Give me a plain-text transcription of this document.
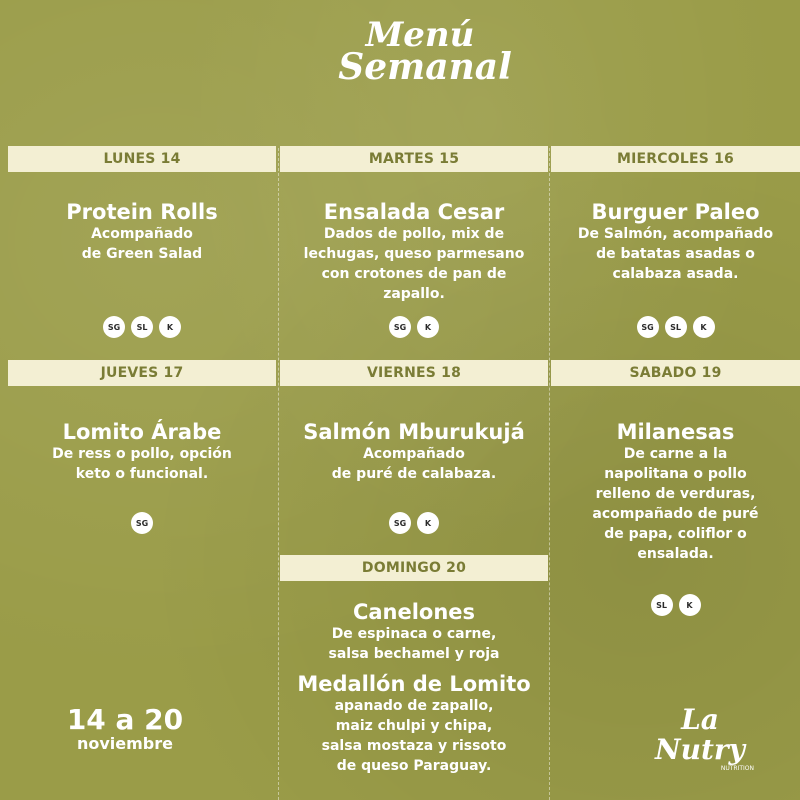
Menú
Semanal
LUNES 14	MARTES 15	MIERCOLES 16
Protein Rolls
Acompañado
de Green Salad
Ensalada Cesar
Dados de pollo, mix de
lechugas, queso parmesano
con crotones de pan de
zapallo.
Burguer Paleo
De Salmón, acompañado
de batatas asadas o
calabaza asada.
SG	SL	K	SG	K	SG	SL	K
JUEVES 17	VIERNES 18	SABADO 19
Lomito Árabe
De ress o pollo, opción
keto o funcional.
Salmón Mburukujá
Acompañado
de puré de calabaza.
Milanesas
De carne a la
napolitana o pollo
relleno de verduras,
acompañado de puré
de papa, coliflor o
ensalada.
SG	SG	K
SL	K
DOMINGO 20
Canelones
De espinaca o carne,
salsa bechamel y roja
Medallón de Lomito
apanado de zapallo,
maiz chulpi y chipa,
salsa mostaza y rissoto
de queso Paraguay.
14 a 20
noviembre
La Nutry
NUTRITION
